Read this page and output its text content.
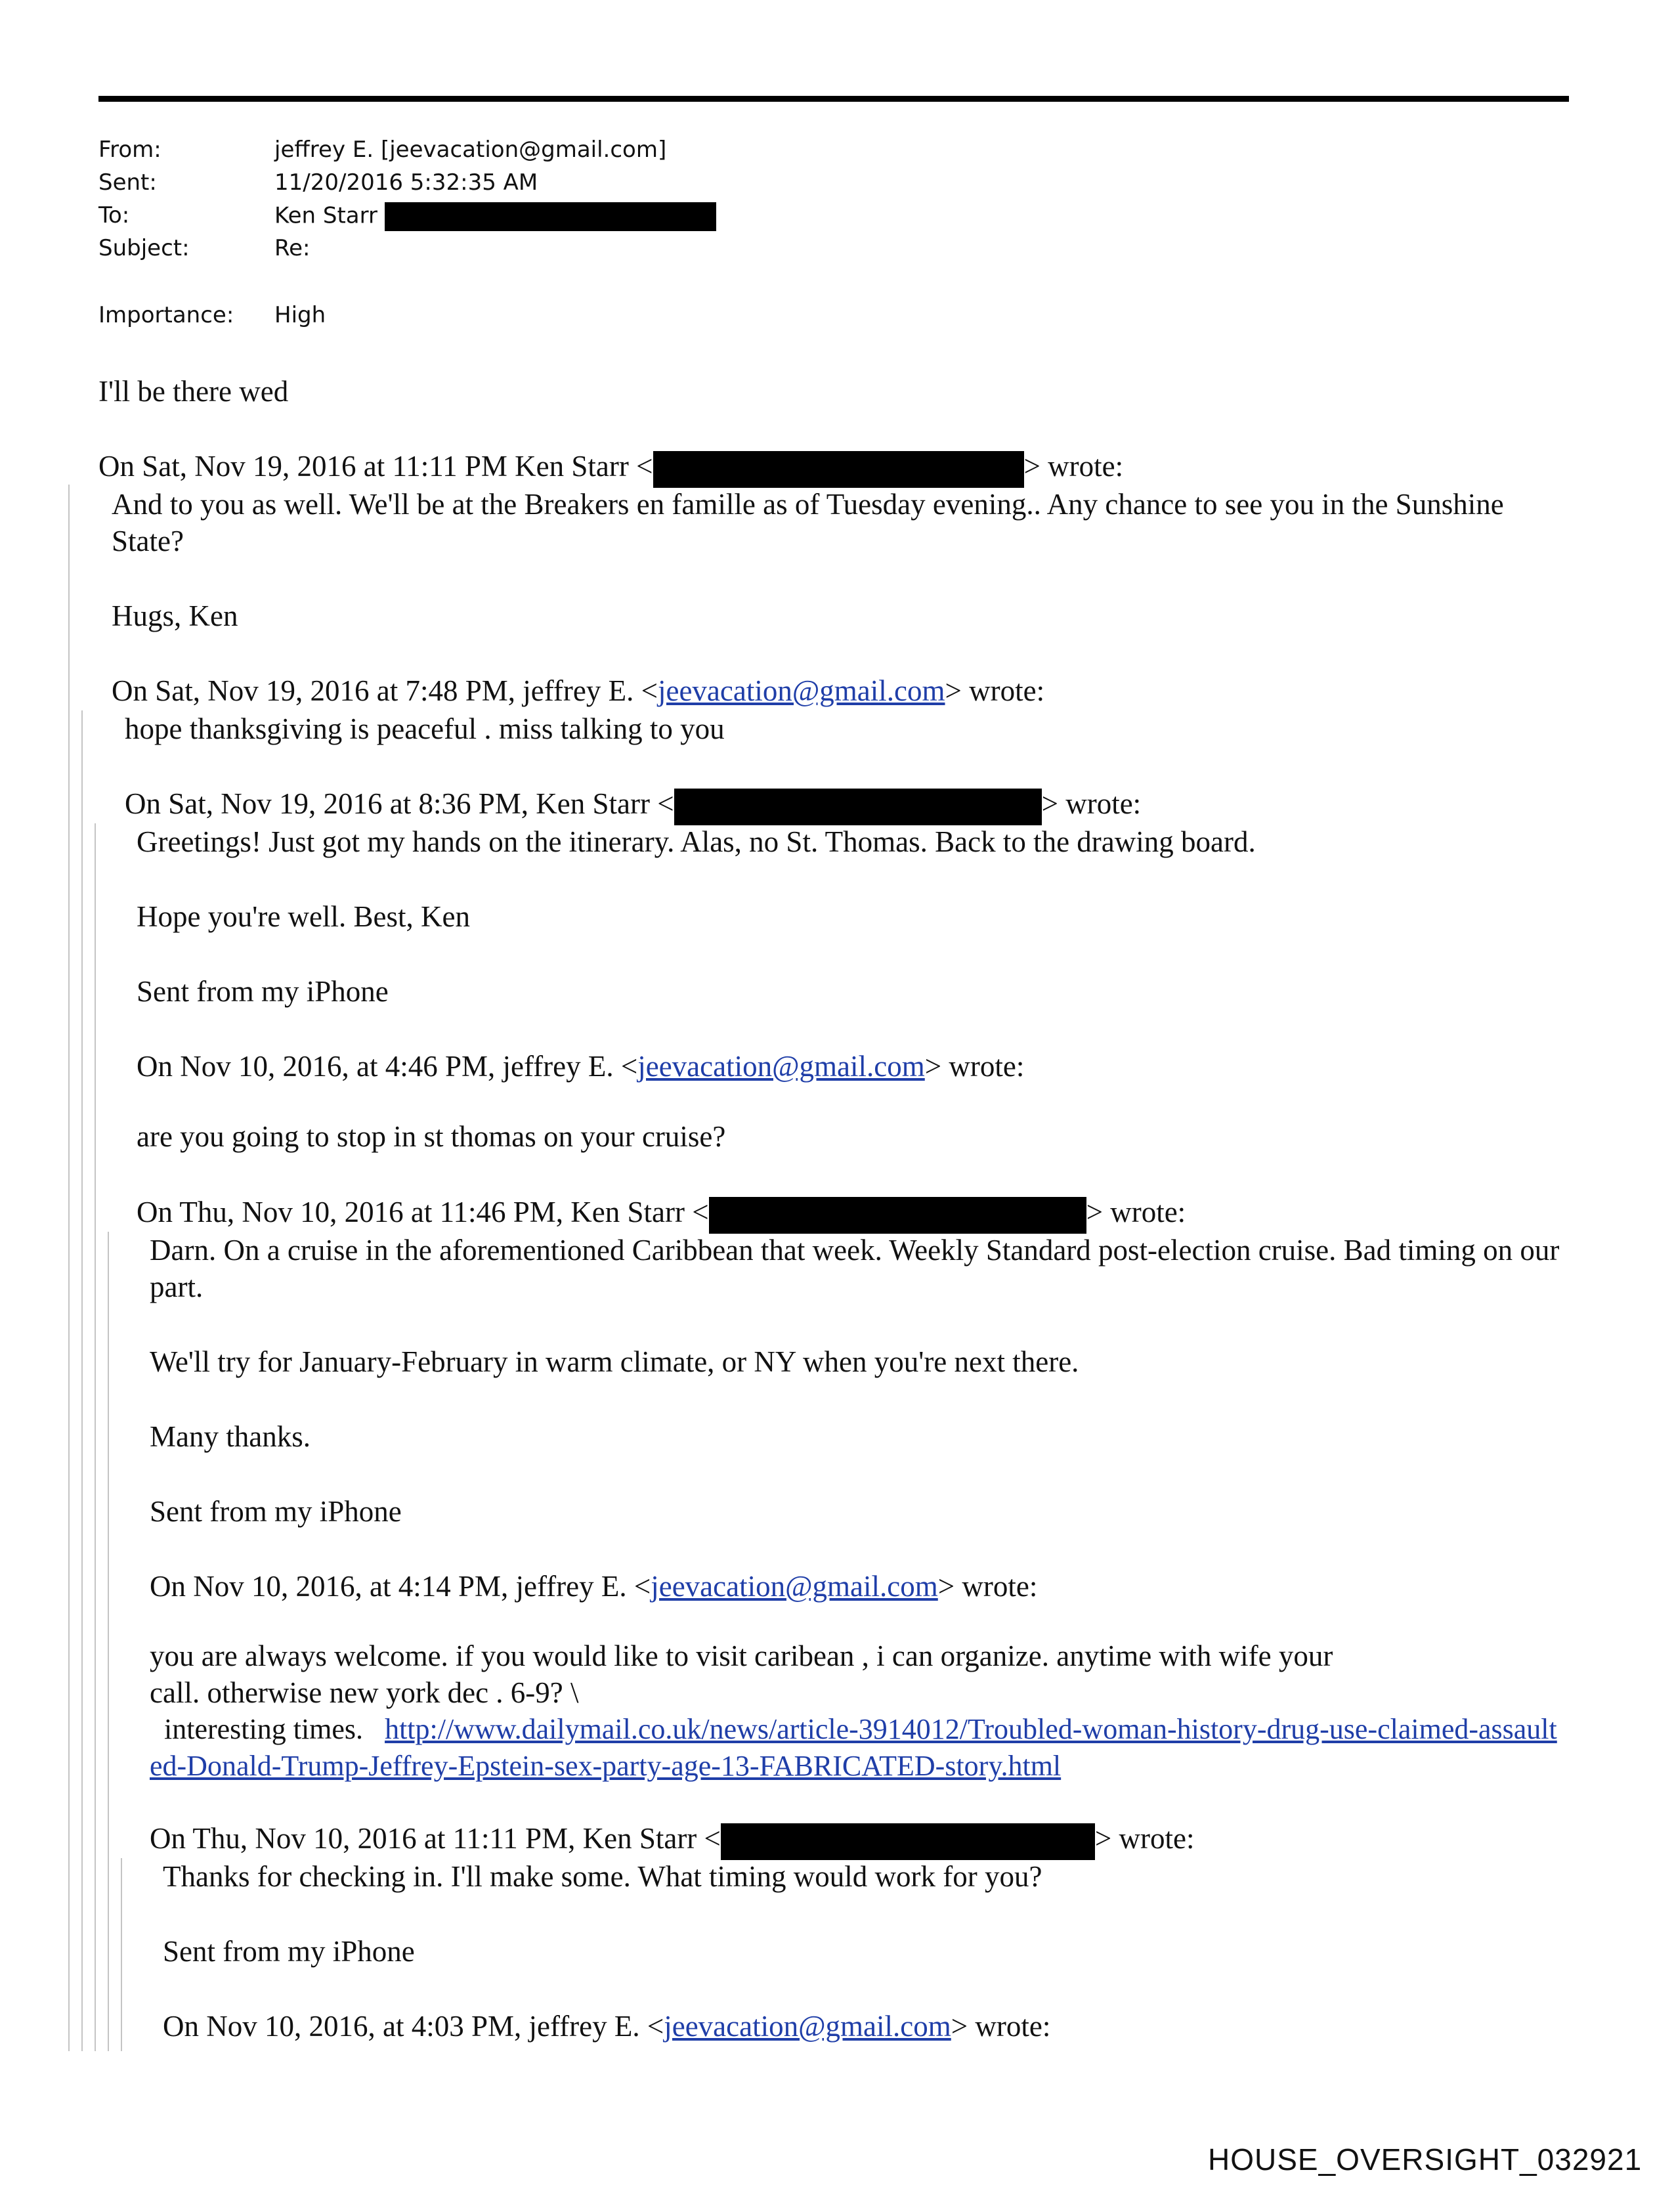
From:	jeffrey E. [jeevacation@gmail.com]
Sent:	11/20/2016 5:32:35 AM
To:	Ken Starr
Subject:	Re:
Importance:	High
I'll be there wed
On Sat, Nov 19, 2016 at 11:11 PM Ken Starr <	> wrote:
And to you as well. We'll be at the Breakers en famille as of Tuesday evening.. Any chance to see you in the Sunshine State?
Hugs, Ken
On Sat, Nov 19, 2016 at 7:48 PM, jeffrey E. <jeevacation@gmail.com> wrote:
hope thanksgiving is peaceful . miss talking to you
On Sat, Nov 19, 2016 at 8:36 PM, Ken Starr <	> wrote:
Greetings! Just got my hands on the itinerary. Alas, no St. Thomas. Back to the drawing board.
Hope you're well. Best, Ken
Sent from my iPhone
On Nov 10, 2016, at 4:46 PM, jeffrey E. <jeevacation@gmail.com> wrote:
are you going to stop in st thomas on your cruise?
On Thu, Nov 10, 2016 at 11:46 PM, Ken Starr <	> wrote:
Darn. On a cruise in the aforementioned Caribbean that week. Weekly Standard post-election cruise. Bad timing on our part.
We'll try for January-February in warm climate, or NY when you're next there.
Many thanks.
Sent from my iPhone
On Nov 10, 2016, at 4:14 PM, jeffrey E. <jeevacation@gmail.com> wrote:
you are always welcome. if you would like to visit caribean , i can organize. anytime with wife your
call. otherwise new york dec . 6-9? \
interesting times.   http://www.dailymail.co.uk/news/article-3914012/Troubled-woman-history-drug-use-claimed-assaulted-Donald-Trump-Jeffrey-Epstein-sex-party-age-13-FABRICATED-story.html
On Thu, Nov 10, 2016 at 11:11 PM, Ken Starr <	> wrote:
Thanks for checking in. I'll make some. What timing would work for you?
Sent from my iPhone
On Nov 10, 2016, at 4:03 PM, jeffrey E. <jeevacation@gmail.com> wrote:
HOUSE_OVERSIGHT_032921
